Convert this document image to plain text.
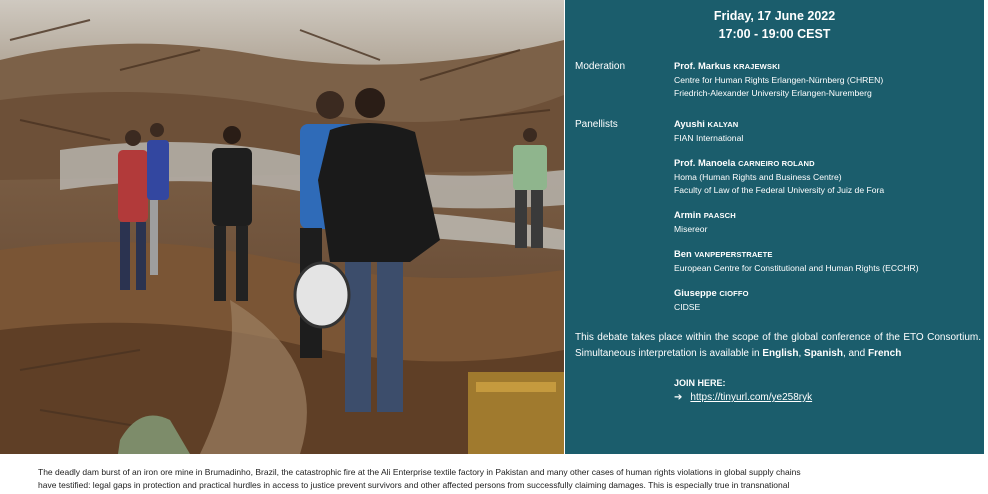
Friday, 17 June 2022
17:00 - 19:00 CEST
Moderation	Prof. Markus KRAJEWSKI
Centre for Human Rights Erlangen-Nürnberg (CHREN)
Friedrich-Alexander University Erlangen-Nuremberg
Panellists	Ayushi KALYAN
FIAN International
Prof. Manoela CARNEIRO ROLAND
Homa (Human Rights and Business Centre)
Faculty of Law of the Federal University of Juiz de Fora
Armin PAASCH
Misereor
Ben VANPEPERSTRAETE
European Centre for Constitutional and Human Rights (ECCHR)
Giuseppe CIOFFO
CIDSE
This debate takes place within the scope of the global conference of the ETO Consortium. Simultaneous interpretation is available in English, Spanish, and French
JOIN HERE:
➔ https://tinyurl.com/ye258ryk
The deadly dam burst of an iron ore mine in Brumadinho, Brazil, the catastrophic fire at the Ali Enterprise textile factory in Pakistan and many other cases of human rights violations in global supply chains
have testified: legal gaps in protection and practical hurdles in access to justice prevent survivors and other affected persons from successfully claiming damages. This is especially true in transnational
